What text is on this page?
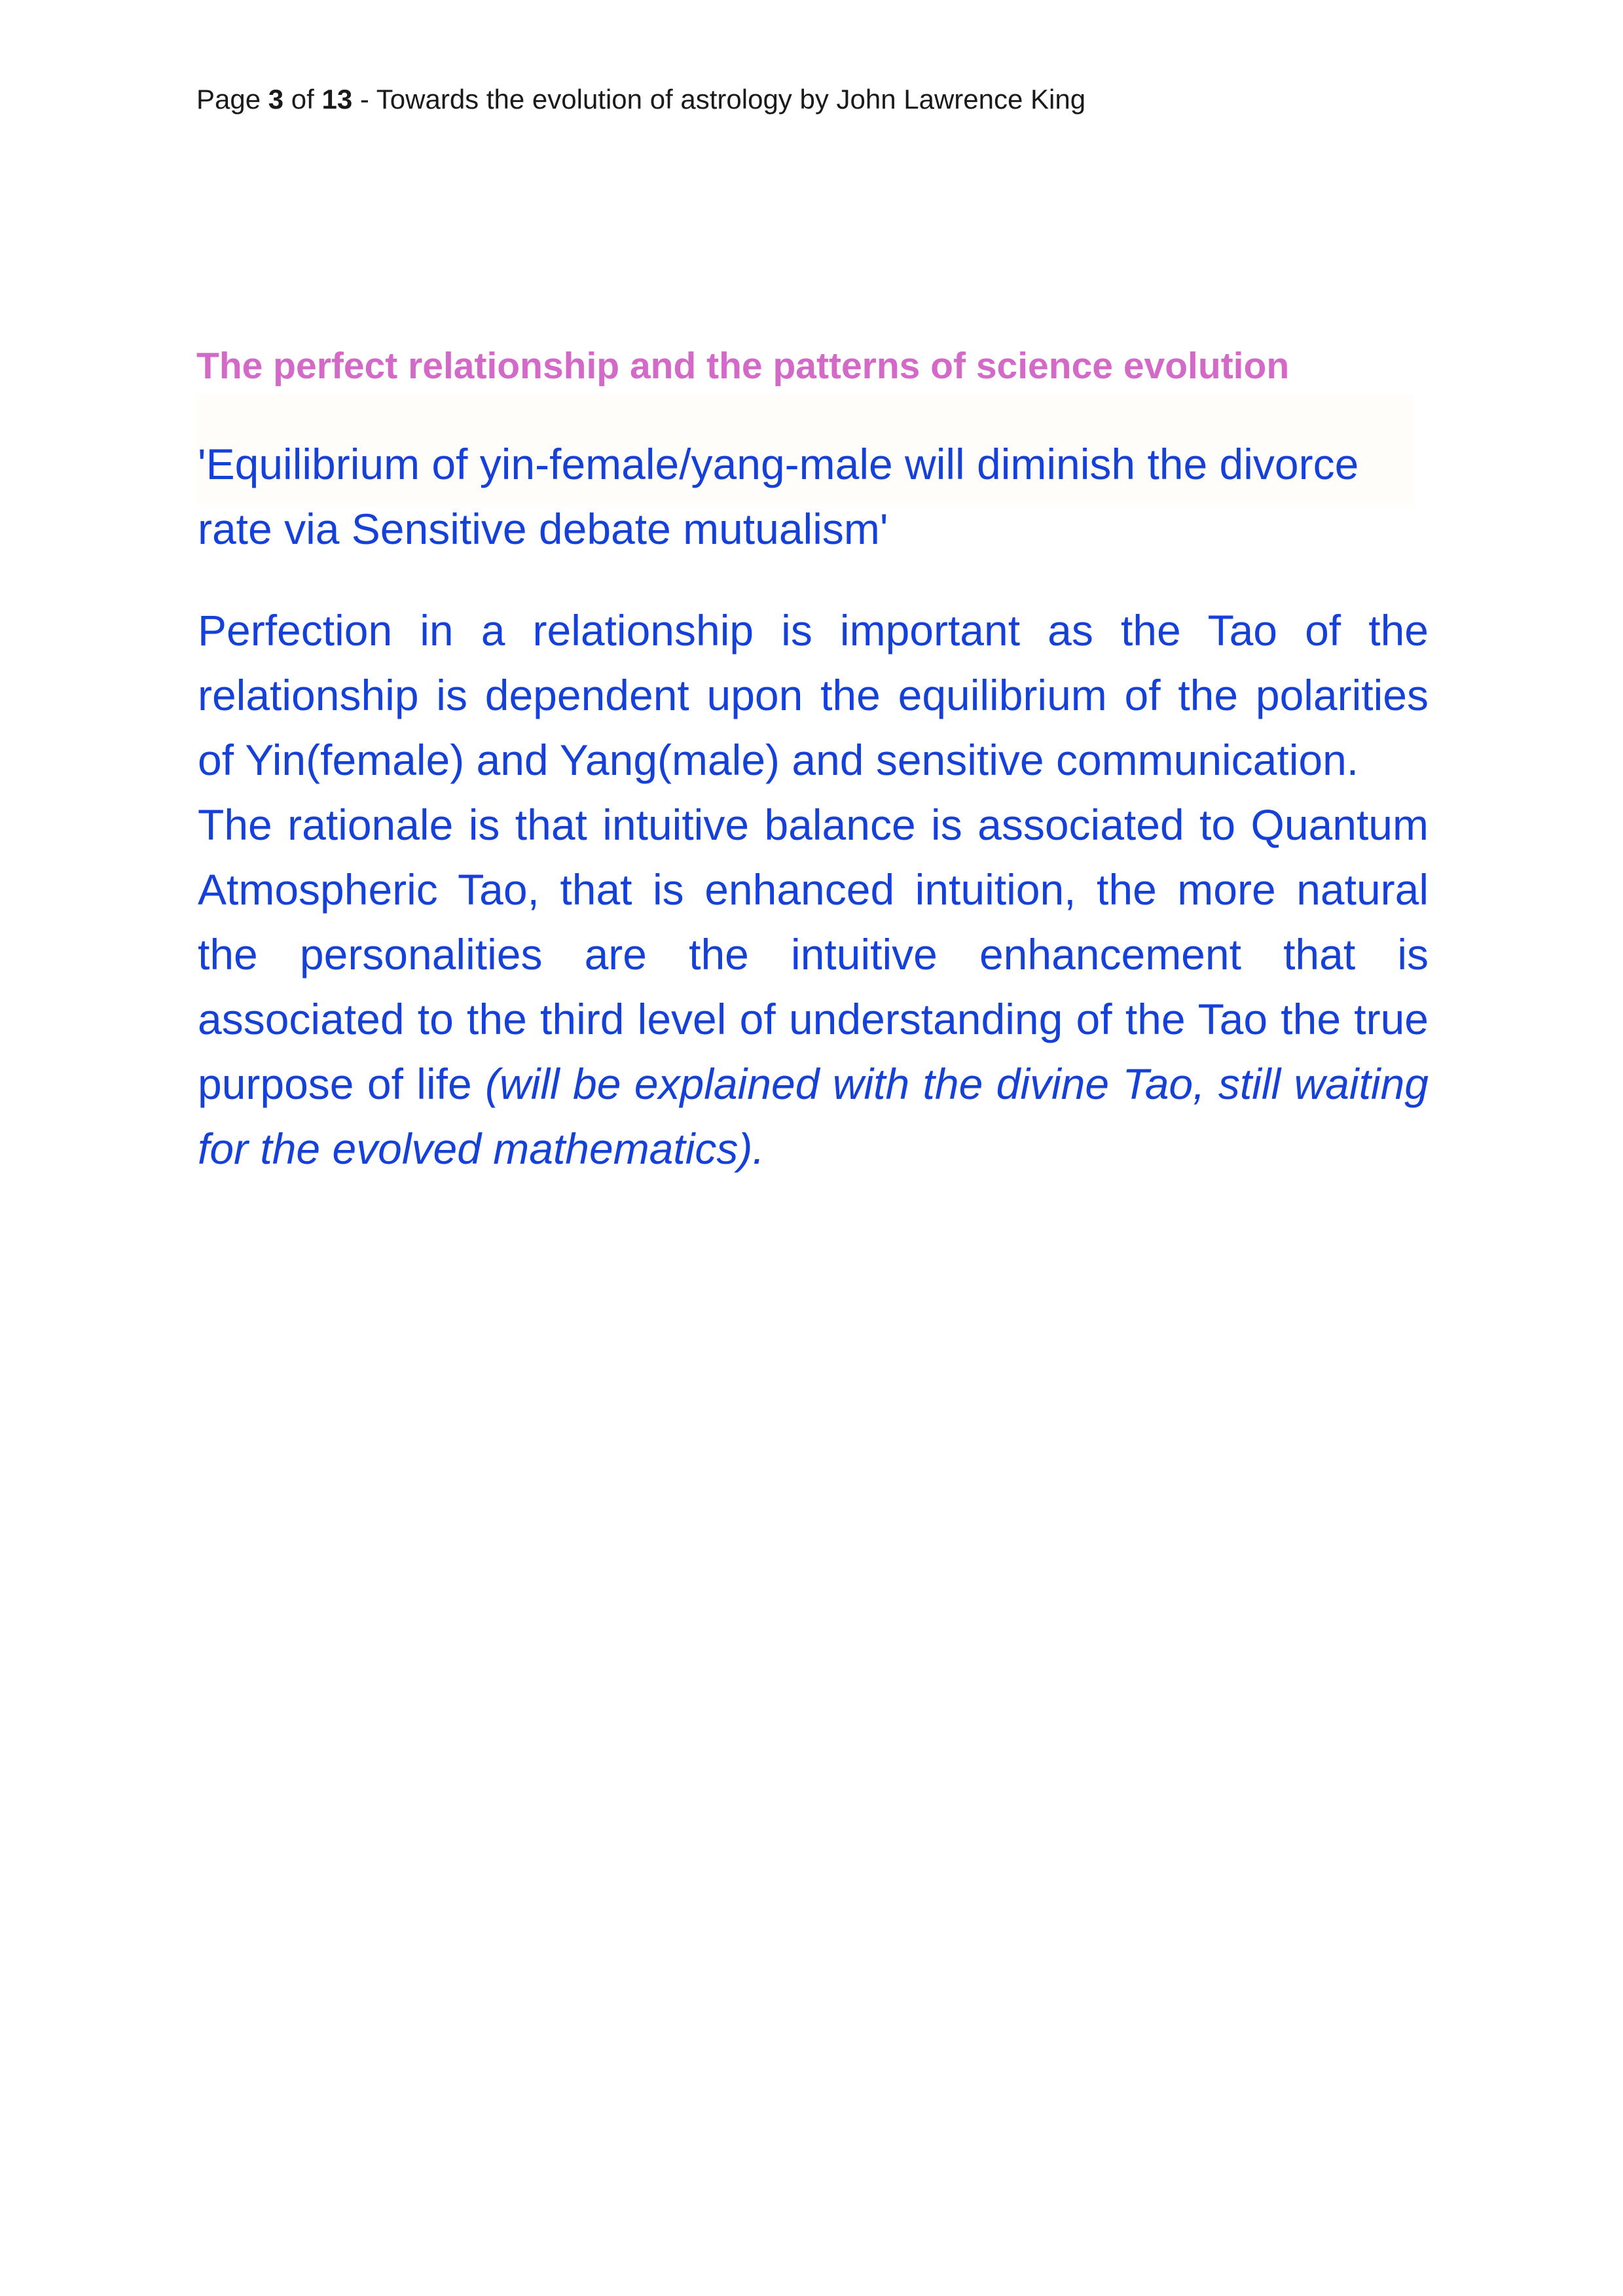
Page 3 of 13 - Towards the evolution of astrology by John Lawrence King
The perfect relationship and the patterns of science evolution
'Equilibrium of yin-female/yang-male will diminish the divorce
rate via Sensitive debate mutualism'

Perfection in a relationship is important as the Tao of the relationship is dependent upon the equilibrium of the polarities of Yin(female) and Yang(male) and sensitive communication.

The rationale is that intuitive balance is associated to Quantum Atmospheric Tao, that is enhanced intuition, the more natural the personalities are the intuitive enhancement that is associated to the third level of understanding of the Tao the true purpose of life (will be explained with the divine Tao, still waiting for the evolved mathematics).
